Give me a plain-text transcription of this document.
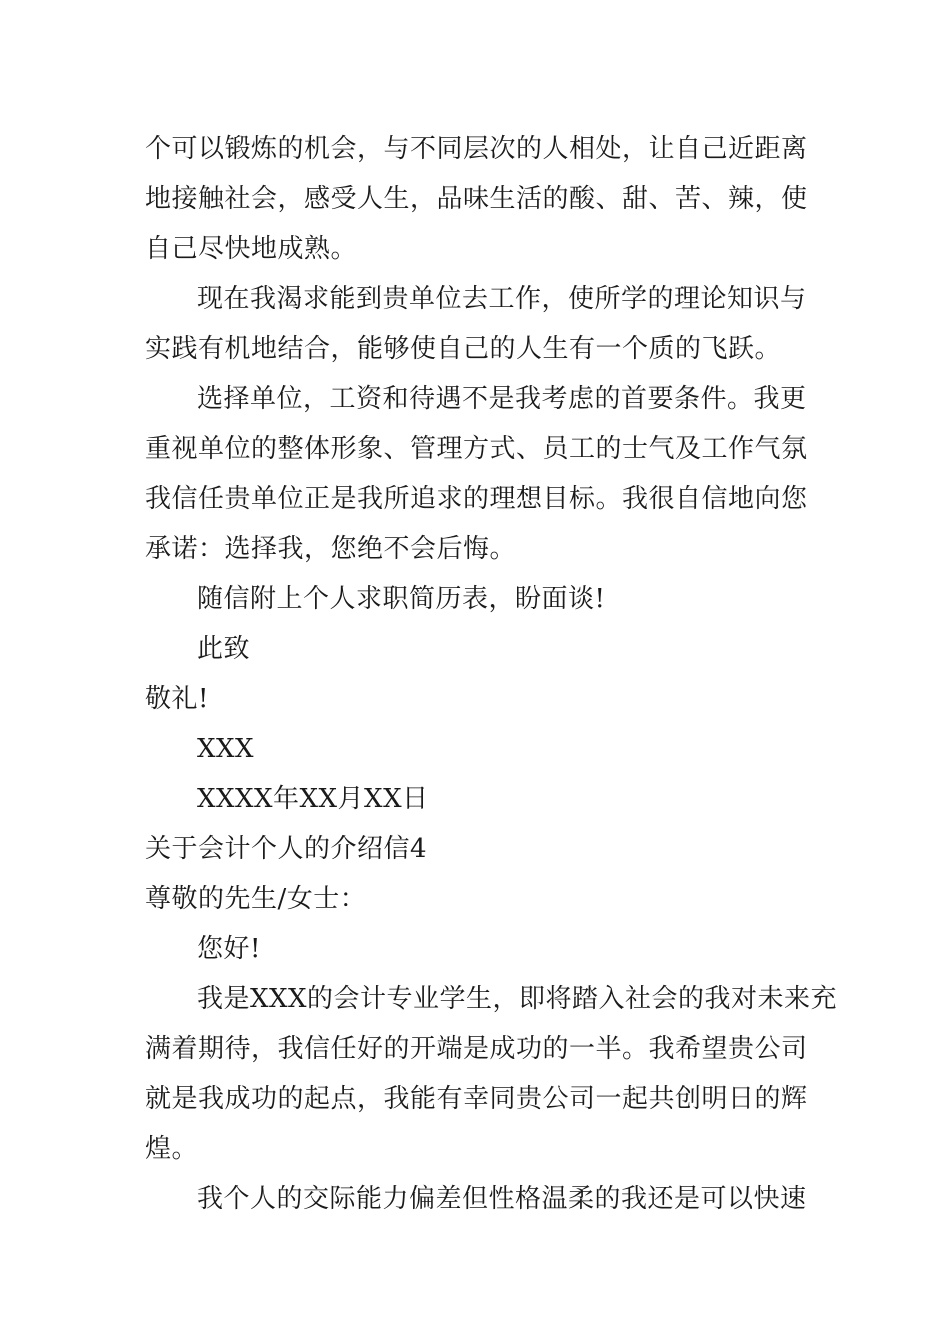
个可以锻炼的机会，与不同层次的人相处，让自己近距离
地接触社会，感受人生，品味生活的酸、甜、苦、辣，使
自己尽快地成熟。
现在我渴求能到贵单位去工作，使所学的理论知识与
实践有机地结合，能够使自己的人生有一个质的飞跃。
选择单位，工资和待遇不是我考虑的首要条件。我更
重视单位的整体形象、管理方式、员工的士气及工作气氛
我信任贵单位正是我所追求的理想目标。我很自信地向您
承诺：选择我，您绝不会后悔。
随信附上个人求职简历表，盼面谈!
此致
敬礼!
XXX
XXXX年XX月XX日
关于会计个人的介绍信4
尊敬的先生/女士：
您好!
我是XXX的会计专业学生，即将踏入社会的我对未来充
满着期待，我信任好的开端是成功的一半。我希望贵公司
就是我成功的起点，我能有幸同贵公司一起共创明日的辉
煌。
我个人的交际能力偏差但性格温柔的我还是可以快速
